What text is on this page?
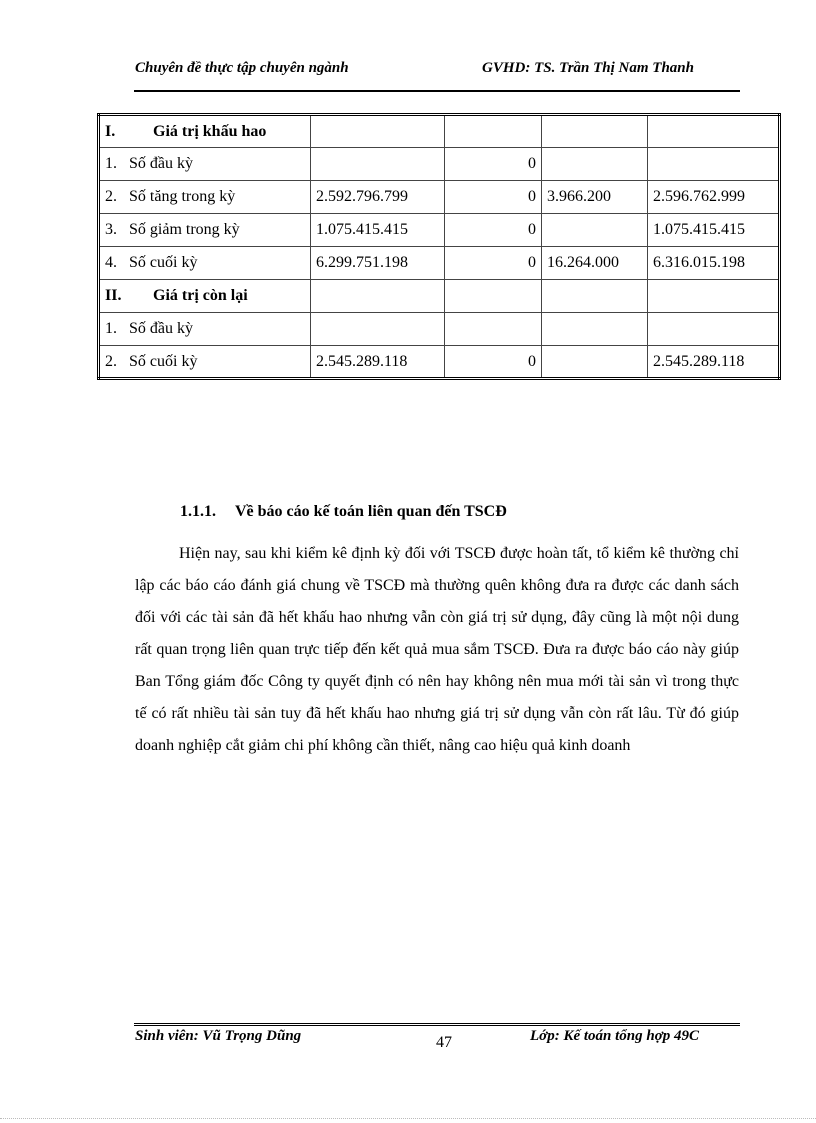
Chuyên đề thực tập chuyên ngành	GVHD: TS. Trần Thị Nam Thanh
I. Giá trị khấu hao				
1. Số đầu kỳ		0		
2. Số tăng trong kỳ	2.592.796.799	0	3.966.200	2.596.762.999
3. Số giảm trong kỳ	1.075.415.415	0		1.075.415.415
4. Số cuối kỳ	6.299.751.198	0	16.264.000	6.316.015.198
II. Giá trị còn lại				
1. Số đầu kỳ				
2. Số cuối kỳ	2.545.289.118	0		2.545.289.118
1.1.1. Về báo cáo kế toán liên quan đến TSCĐ

Hiện nay, sau khi kiểm kê định kỳ đối với TSCĐ được hoàn tất, tổ kiểm kê thường chỉ lập các báo cáo đánh giá chung về TSCĐ mà thường quên không đưa ra được các danh sách đối với các tài sản đã hết khấu hao nhưng vẫn còn giá trị sử dụng, đây cũng là một nội dung rất quan trọng liên quan trực tiếp đến kết quả mua sắm TSCĐ. Đưa ra được báo cáo này giúp Ban Tổng giám đốc Công ty quyết định có nên hay không nên mua mới tài sản vì trong thực tế có rất nhiều tài sản tuy đã hết khấu hao nhưng giá trị sử dụng vẫn còn rất lâu. Từ đó giúp doanh nghiệp cắt giảm chi phí không cần thiết, nâng cao hiệu quả kinh doanh

Sinh viên: Vũ Trọng Dũng	47	Lớp: Kế toán tổng hợp 49C
